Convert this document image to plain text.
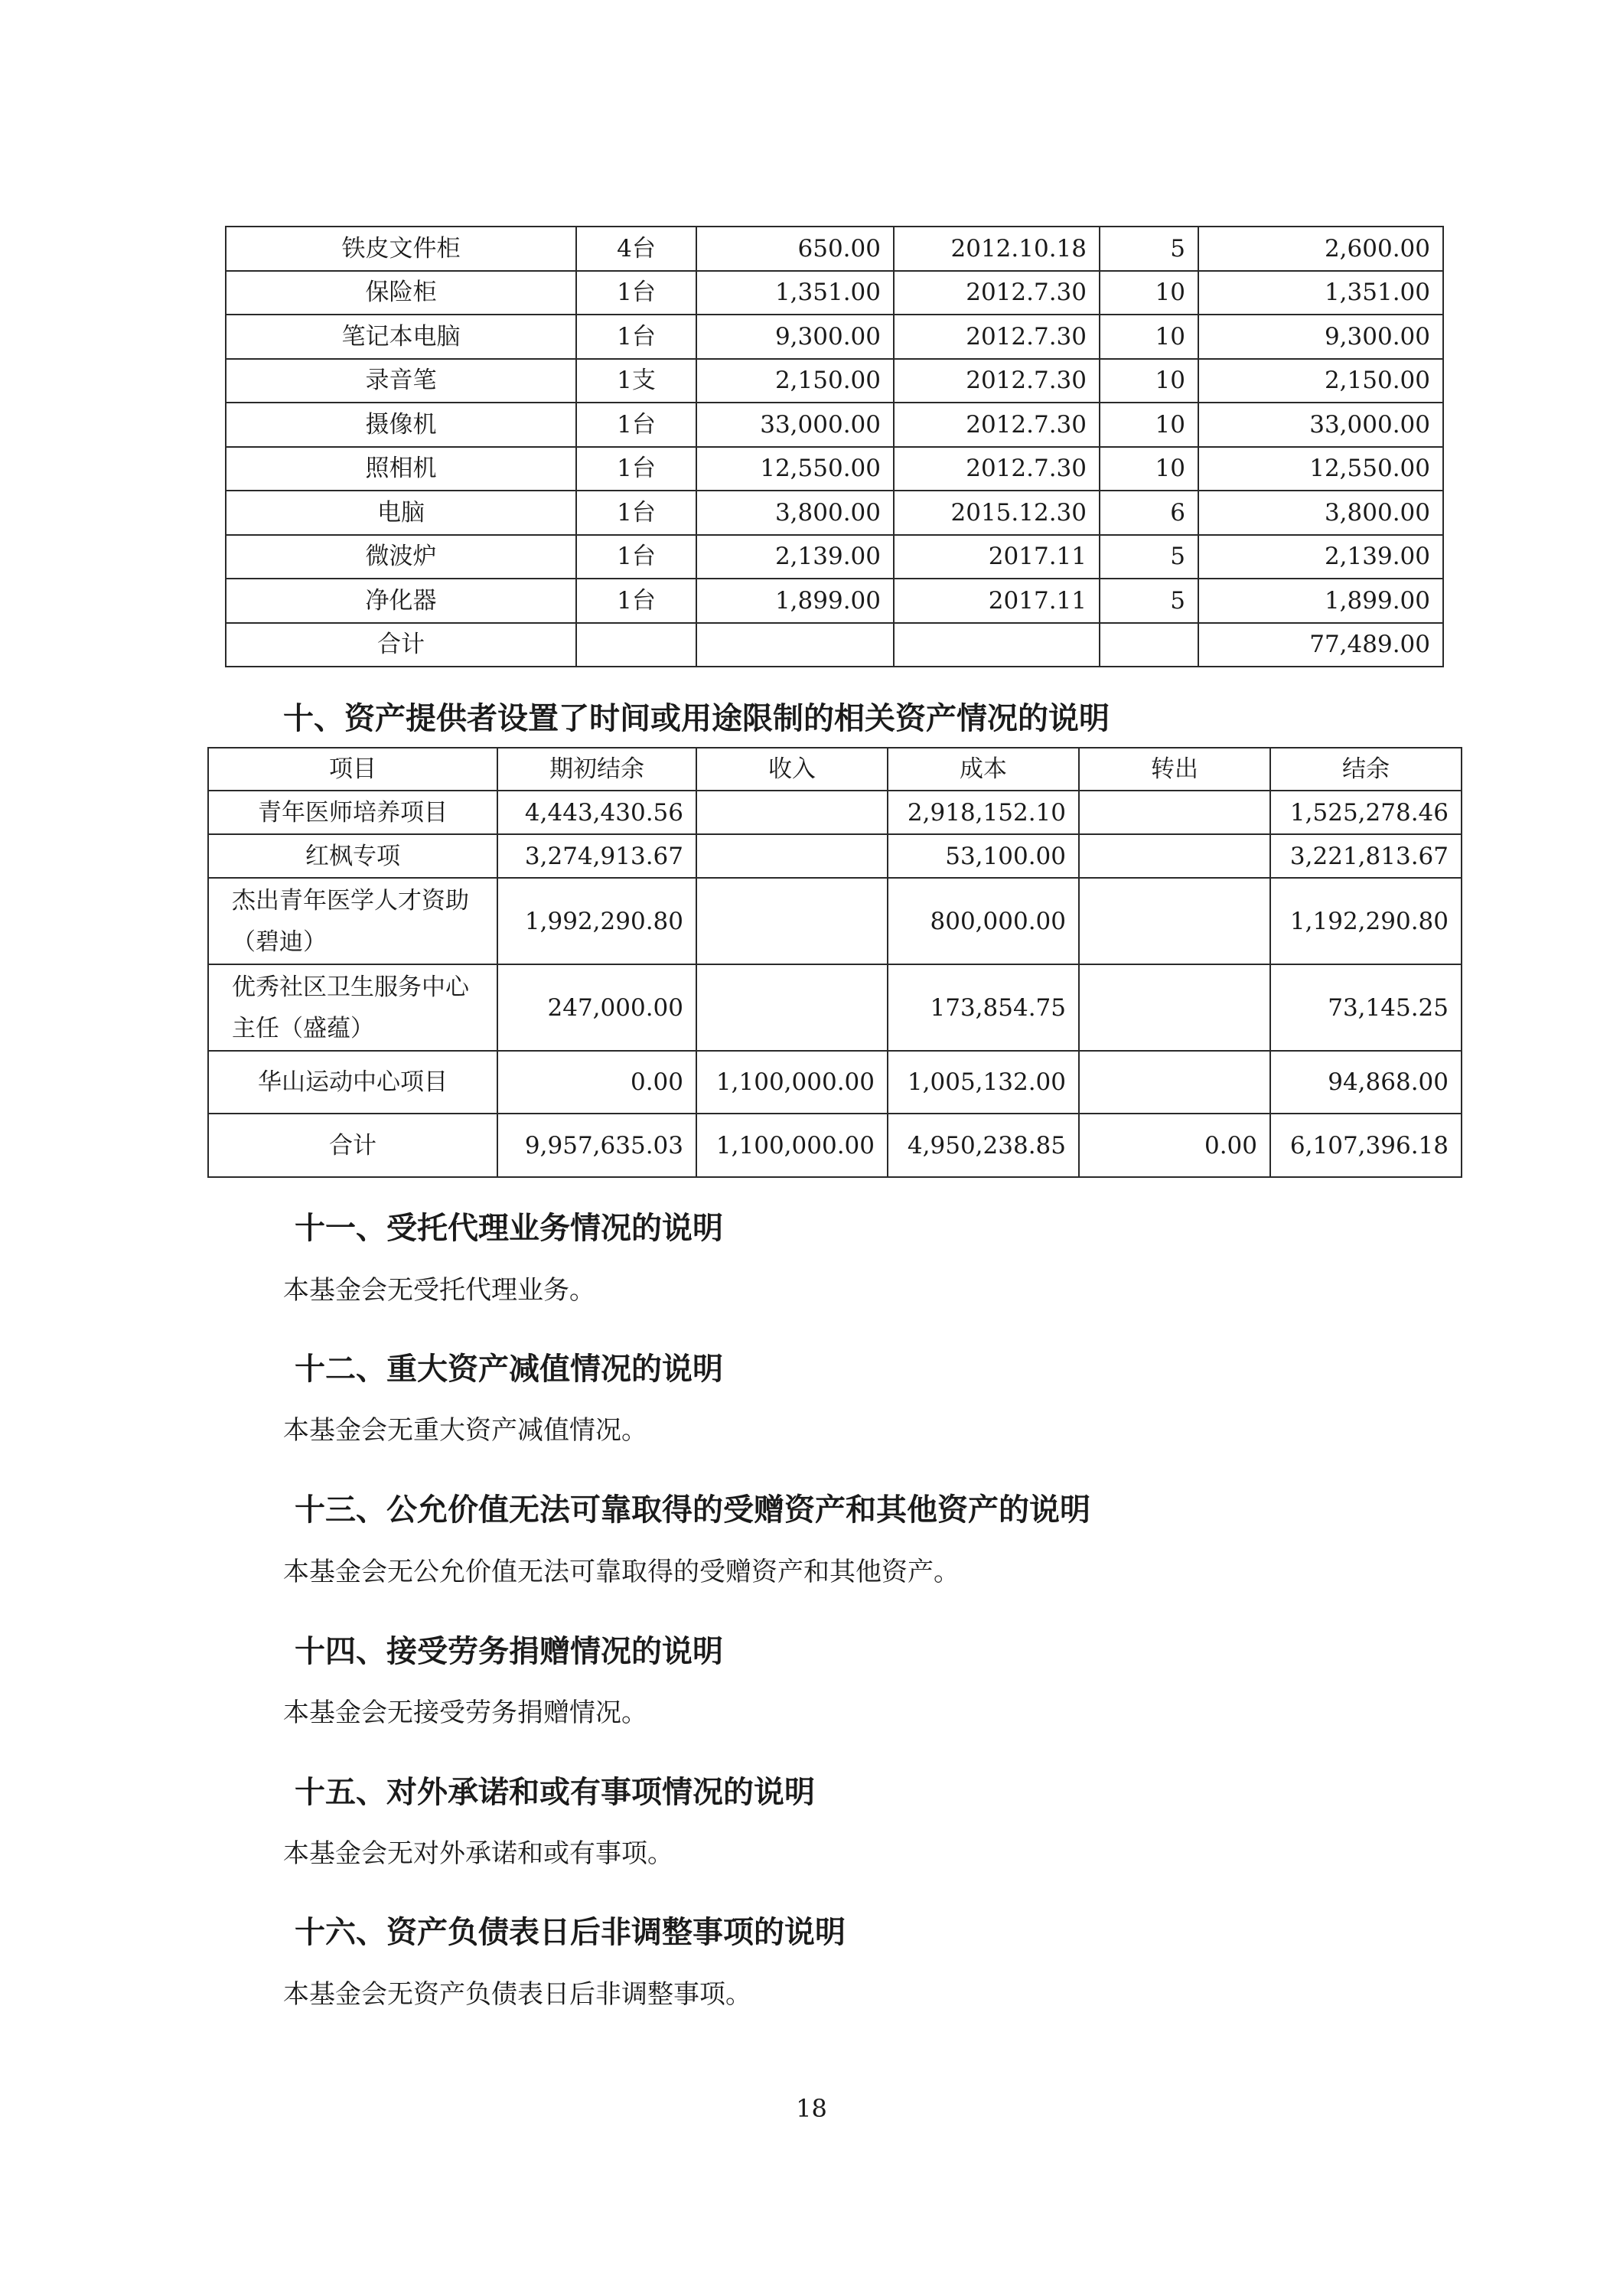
铁皮文件柜	4台	650.00	2012.10.18	5	2,600.00
保险柜	1台	1,351.00	2012.7.30	10	1,351.00
笔记本电脑	1台	9,300.00	2012.7.30	10	9,300.00
录音笔	1支	2,150.00	2012.7.30	10	2,150.00
摄像机	1台	33,000.00	2012.7.30	10	33,000.00
照相机	1台	12,550.00	2012.7.30	10	12,550.00
电脑	1台	3,800.00	2015.12.30	6	3,800.00
微波炉	1台	2,139.00	2017.11	5	2,139.00
净化器	1台	1,899.00	2017.11	5	1,899.00
合计					77,489.00
十、资产提供者设置了时间或用途限制的相关资产情况的说明
项目	期初结余	收入	成本	转出	结余
青年医师培养项目	4,443,430.56		2,918,152.10		1,525,278.46
红枫专项	3,274,913.67		53,100.00		3,221,813.67
杰出青年医学人才资助（碧迪）	1,992,290.80		800,000.00		1,192,290.80
优秀社区卫生服务中心主任（盛蕴）	247,000.00		173,854.75		73,145.25
华山运动中心项目	0.00	1,100,000.00	1,005,132.00		94,868.00
合计	9,957,635.03	1,100,000.00	4,950,238.85	0.00	6,107,396.18
十一、受托代理业务情况的说明

本基金会无受托代理业务。

十二、重大资产减值情况的说明

本基金会无重大资产减值情况。

十三、公允价值无法可靠取得的受赠资产和其他资产的说明

本基金会无公允价值无法可靠取得的受赠资产和其他资产。

十四、接受劳务捐赠情况的说明

本基金会无接受劳务捐赠情况。

十五、对外承诺和或有事项情况的说明

本基金会无对外承诺和或有事项。

十六、资产负债表日后非调整事项的说明

本基金会无资产负债表日后非调整事项。

18
